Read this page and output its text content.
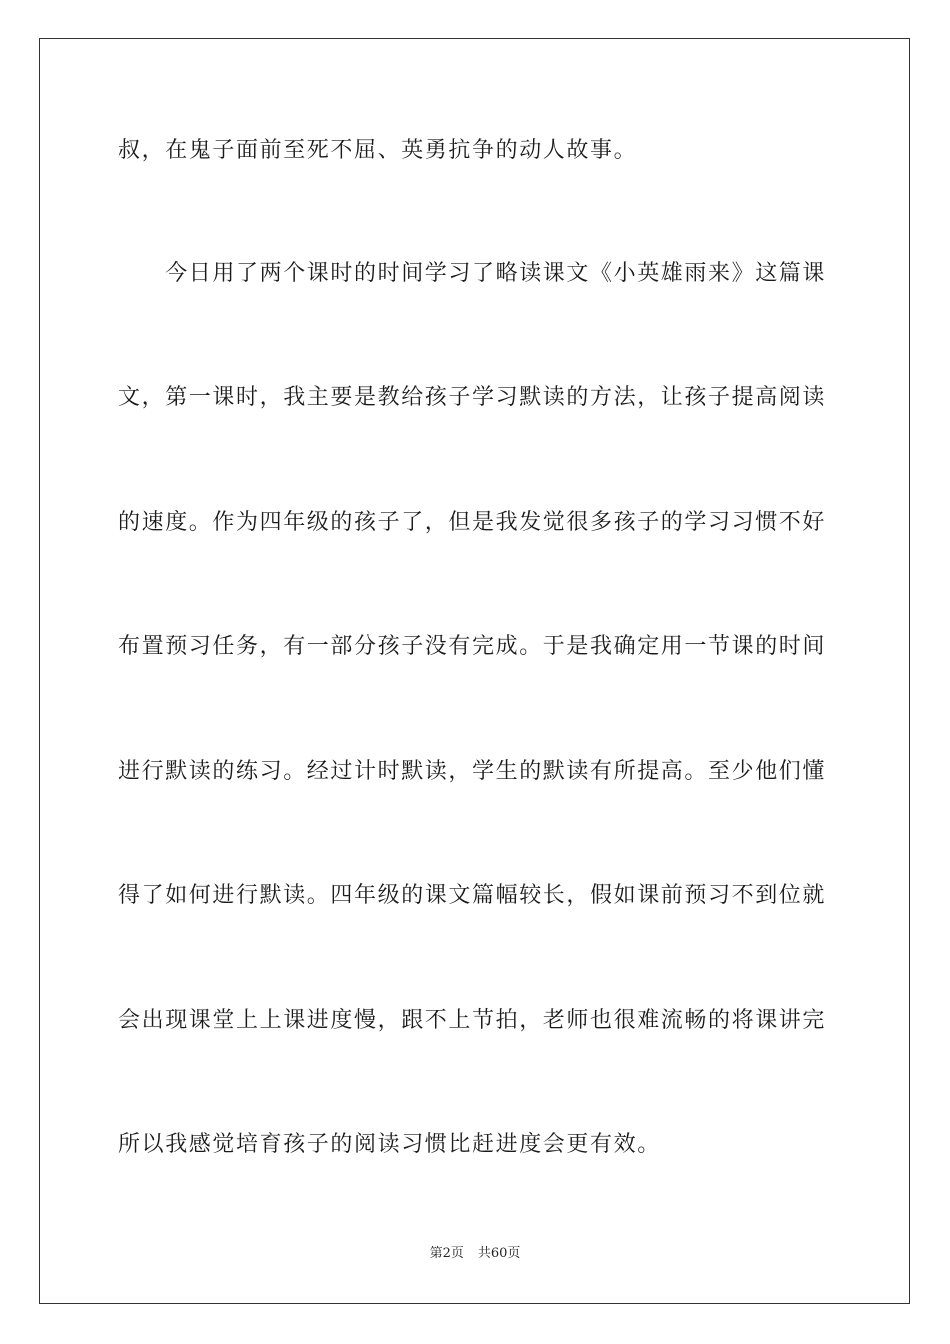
叔，在鬼子面前至死不屈、英勇抗争的动人故事。
　　今日用了两个课时的时间学习了略读课文《小英雄雨来》这篇课
文，第一课时，我主要是教给孩子学习默读的方法，让孩子提高阅读
的速度。作为四年级的孩子了，但是我发觉很多孩子的学习习惯不好
布置预习任务，有一部分孩子没有完成。于是我确定用一节课的时间
进行默读的练习。经过计时默读，学生的默读有所提高。至少他们懂
得了如何进行默读。四年级的课文篇幅较长，假如课前预习不到位就
会出现课堂上上课进度慢，跟不上节拍，老师也很难流畅的将课讲完
所以我感觉培育孩子的阅读习惯比赶进度会更有效。
第2页 共60页
